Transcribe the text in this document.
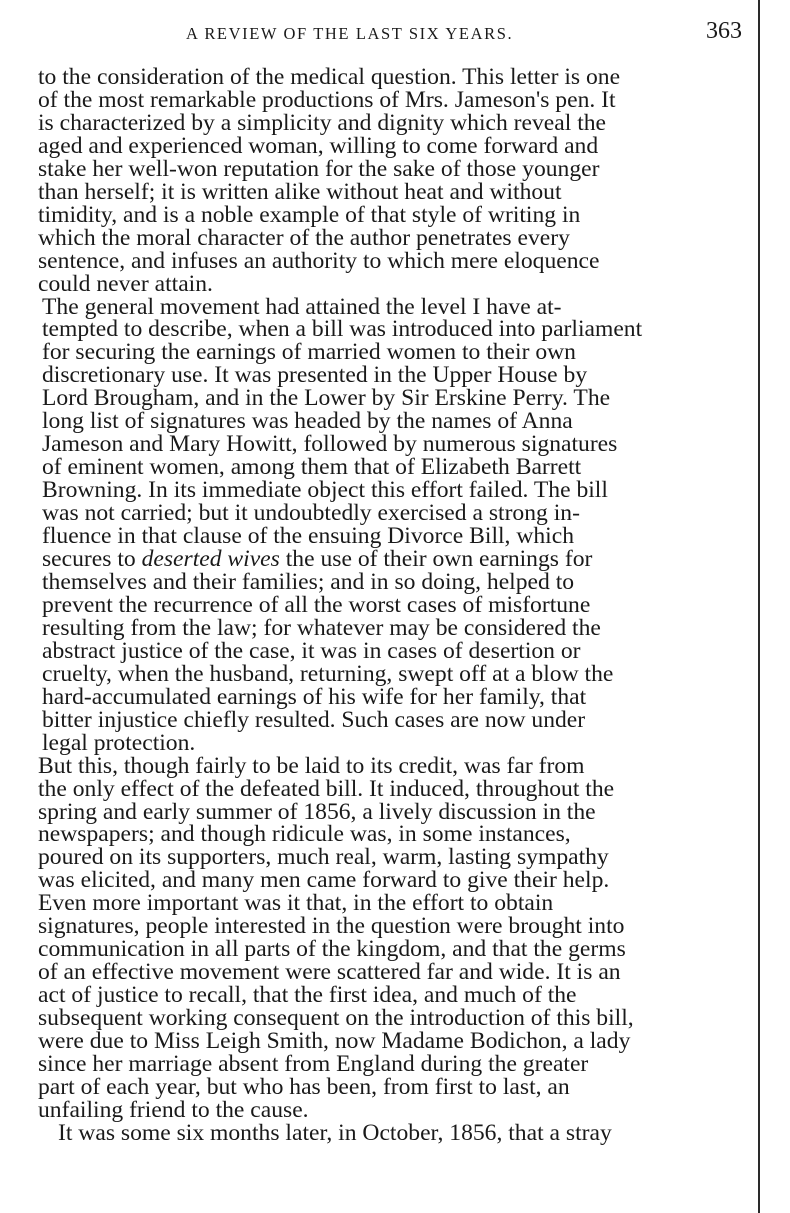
A REVIEW OF THE LAST SIX YEARS.	363

to the consideration of the medical question. This letter is one
of the most remarkable productions of Mrs. Jameson's pen. It
is characterized by a simplicity and dignity which reveal the
aged and experienced woman, willing to come forward and
stake her well-won reputation for the sake of those younger
than herself; it is written alike without heat and without
timidity, and is a noble example of that style of writing in
which the moral character of the author penetrates every
sentence, and infuses an authority to which mere eloquence
could never attain.

The general movement had attained the level I have at-
tempted to describe, when a bill was introduced into parliament
for securing the earnings of married women to their own
discretionary use. It was presented in the Upper House by
Lord Brougham, and in the Lower by Sir Erskine Perry. The
long list of signatures was headed by the names of Anna
Jameson and Mary Howitt, followed by numerous signatures
of eminent women, among them that of Elizabeth Barrett
Browning. In its immediate object this effort failed. The bill
was not carried; but it undoubtedly exercised a strong in-
fluence in that clause of the ensuing Divorce Bill, which
secures to deserted wives the use of their own earnings for
themselves and their families; and in so doing, helped to
prevent the recurrence of all the worst cases of misfortune
resulting from the law; for whatever may be considered the
abstract justice of the case, it was in cases of desertion or
cruelty, when the husband, returning, swept off at a blow the
hard-accumulated earnings of his wife for her family, that
bitter injustice chiefly resulted. Such cases are now under
legal protection.

But this, though fairly to be laid to its credit, was far from
the only effect of the defeated bill. It induced, throughout the
spring and early summer of 1856, a lively discussion in the
newspapers; and though ridicule was, in some instances,
poured on its supporters, much real, warm, lasting sympathy
was elicited, and many men came forward to give their help.
Even more important was it that, in the effort to obtain
signatures, people interested in the question were brought into
communication in all parts of the kingdom, and that the germs
of an effective movement were scattered far and wide. It is an
act of justice to recall, that the first idea, and much of the
subsequent working consequent on the introduction of this bill,
were due to Miss Leigh Smith, now Madame Bodichon, a lady
since her marriage absent from England during the greater
part of each year, but who has been, from first to last, an
unfailing friend to the cause.

It was some six months later, in October, 1856, that a stray
